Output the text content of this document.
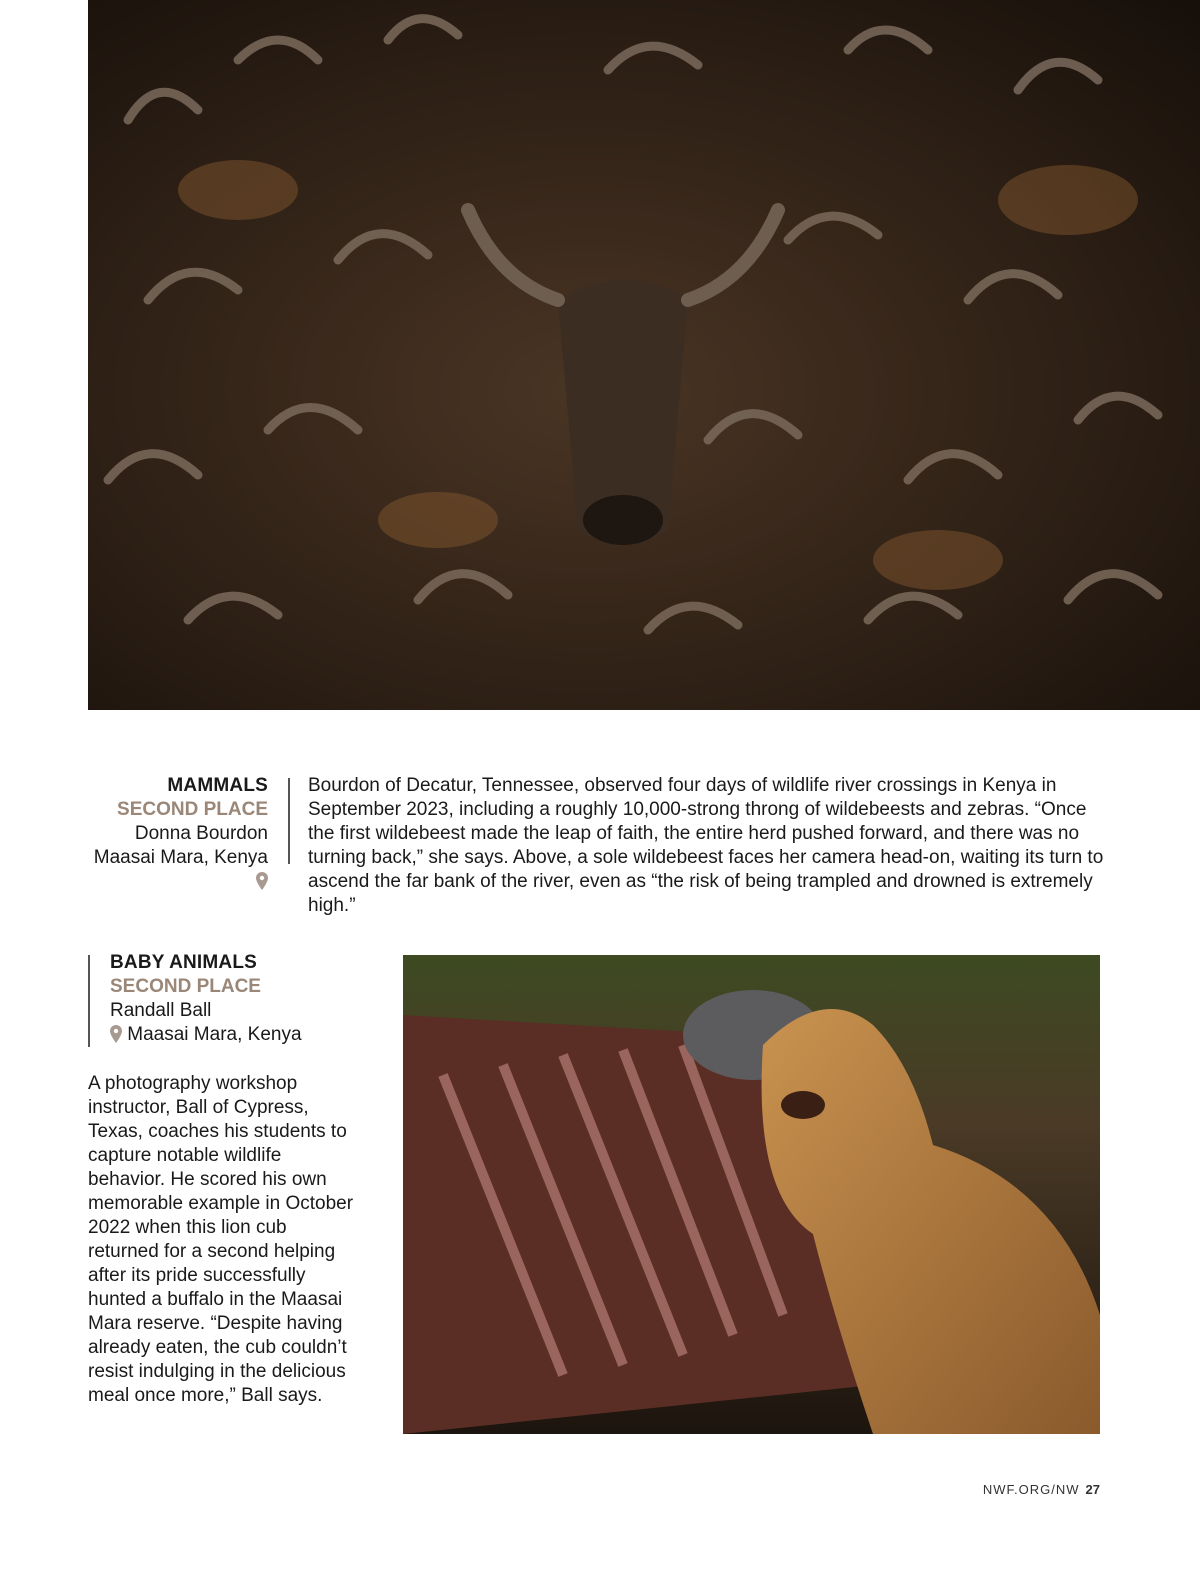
MAMMALS
SECOND PLACE
Donna Bourdon
Maasai Mara, Kenya
Bourdon of Decatur, Tennessee, observed four days of wildlife river crossings in Kenya in September 2023, including a roughly 10,000-strong throng of wildebeests and zebras. “Once the first wildebeest made the leap of faith, the entire herd pushed forward, and there was no turning back,” she says. Above, a sole wildebeest faces her camera head-on, waiting its turn to ascend the far bank of the river, even as “the risk of being trampled and drowned is extremely high.”
BABY ANIMALS
SECOND PLACE
Randall Ball
Maasai Mara, Kenya
A photography workshop instructor, Ball of Cypress, Texas, coaches his students to capture notable wildlife behavior. He scored his own memorable example in October 2022 when this lion cub returned for a second helping after its pride successfully hunted a buffalo in the Maasai Mara reserve. “Despite having already eaten, the cub couldn’t resist indulging in the delicious meal once more,” Ball says.
NWF.ORG/NW 27
